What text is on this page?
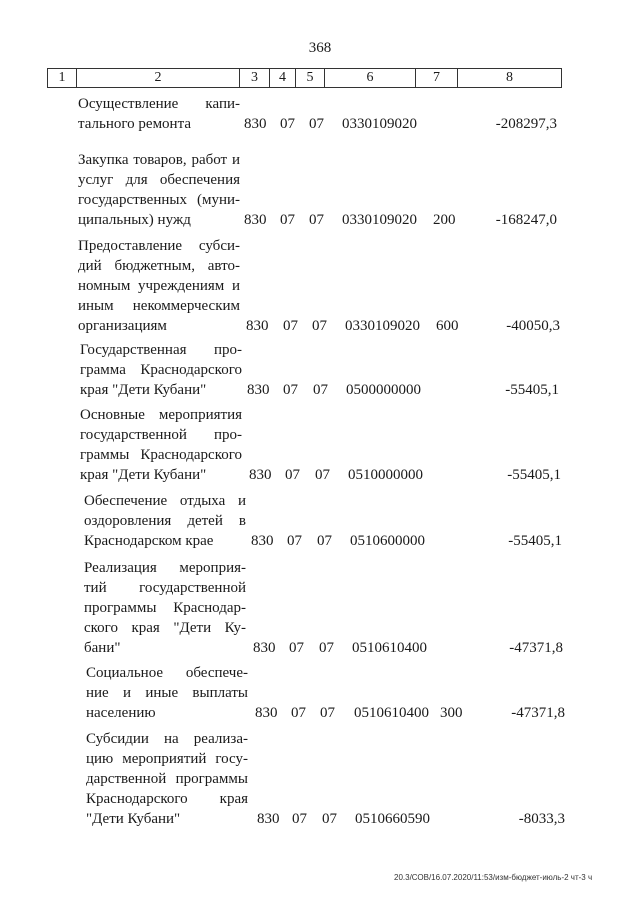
368
1	2	3	4	5	6	7	8
Осуществление капи-
тального ремонта	830 07 07 0330109020	-208297,3
Закупка товаров, работ и
услуг для обеспечения
государственных (муни-
ципальных) нужд	830 07 07 0330109020 200	-168247,0
Предоставление субси-
дий бюджетным, авто-
номным учреждениям и
иным некоммерческим
организациям	830 07 07 0330109020 600	-40050,3
Государственная про-
грамма Краснодарского
края "Дети Кубани"	830 07 07 0500000000	-55405,1
Основные мероприятия
государственной про-
граммы Краснодарского
края "Дети Кубани"	830 07 07 0510000000	-55405,1
Обеспечение отдыха и
оздоровления детей в
Краснодарском крае	830 07 07 0510600000	-55405,1
Реализация мероприя-
тий государственной
программы Краснодар-
ского края "Дети Ку-
бани"	830 07 07 0510610400	-47371,8
Социальное обеспече-
ние и иные выплаты
населению	830 07 07 0510610400 300	-47371,8
Субсидии на реализа-
цию мероприятий госу-
дарственной программы
Краснодарского края
"Дети Кубани"	830 07 07 0510660590	-8033,3
20.3/СОВ/16.07.2020/11:53/изм-бюджет-июль-2 чт-3 ч
